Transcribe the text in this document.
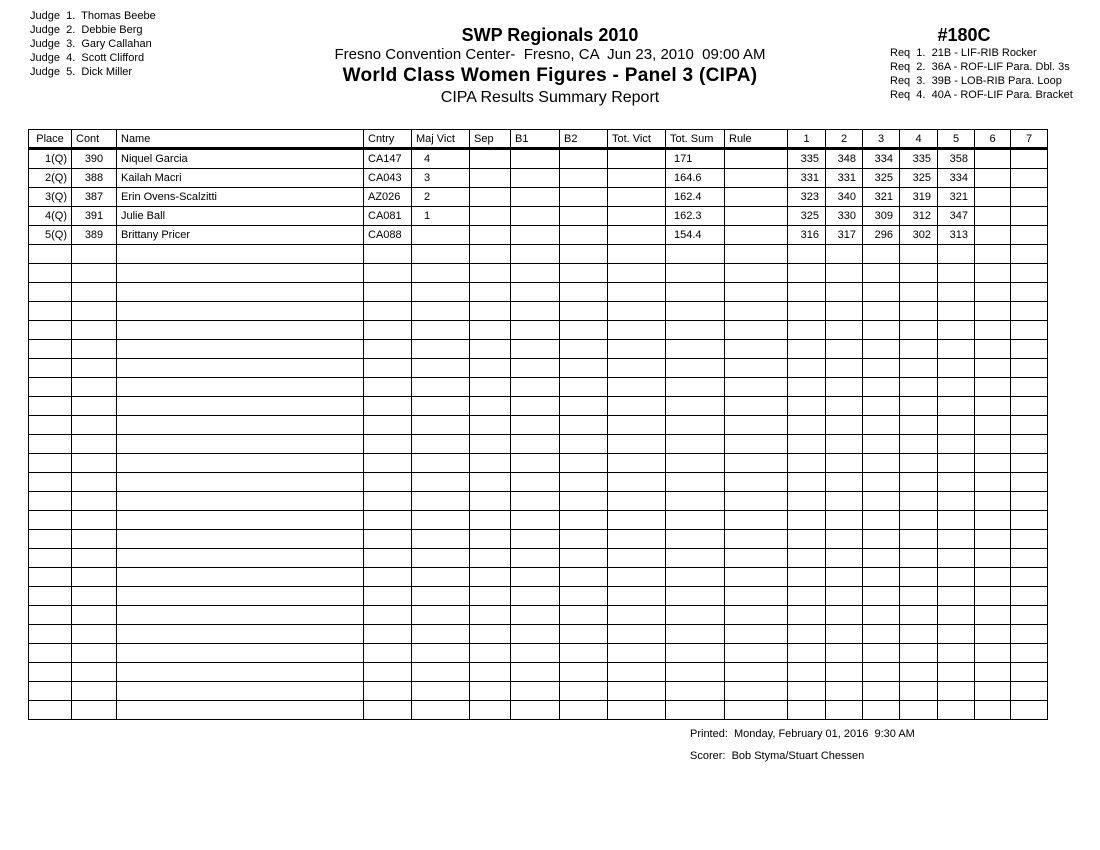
Judge  1.  Thomas Beebe
Judge  2.  Debbie Berg
Judge  3.  Gary Callahan
Judge  4.  Scott Clifford
Judge  5.  Dick Miller
SWP Regionals 2010
Fresno Convention Center-  Fresno, CA  Jun 23, 2010  09:00 AM
World Class Women Figures - Panel 3 (CIPA)
CIPA Results Summary Report
#180C
Req  1.  21B - LIF-RIB Rocker
Req  2.  36A - ROF-LIF Para. Dbl. 3s
Req  3.  39B - LOB-RIB Para. Loop
Req  4.  40A - ROF-LIF Para. Bracket
Place	Cont	Name	Cntry	Maj Vict	Sep	B1	B2	Tot. Vict	Tot. Sum	Rule	1	2	3	4	5	6	7
1(Q)	390	Niquel Garcia	CA147	4					171		335	348	334	335	358		
2(Q)	388	Kailah Macri	CA043	3					164.6		331	331	325	325	334		
3(Q)	387	Erin Ovens-Scalzitti	AZ026	2					162.4		323	340	321	319	321		
4(Q)	391	Julie Ball	CA081	1					162.3		325	330	309	312	347		
5(Q)	389	Brittany Pricer	CA088						154.4		316	317	296	302	313		

Printed:  Monday, February 01, 2016  9:30 AM
Scorer:  Bob Styma/Stuart Chessen
